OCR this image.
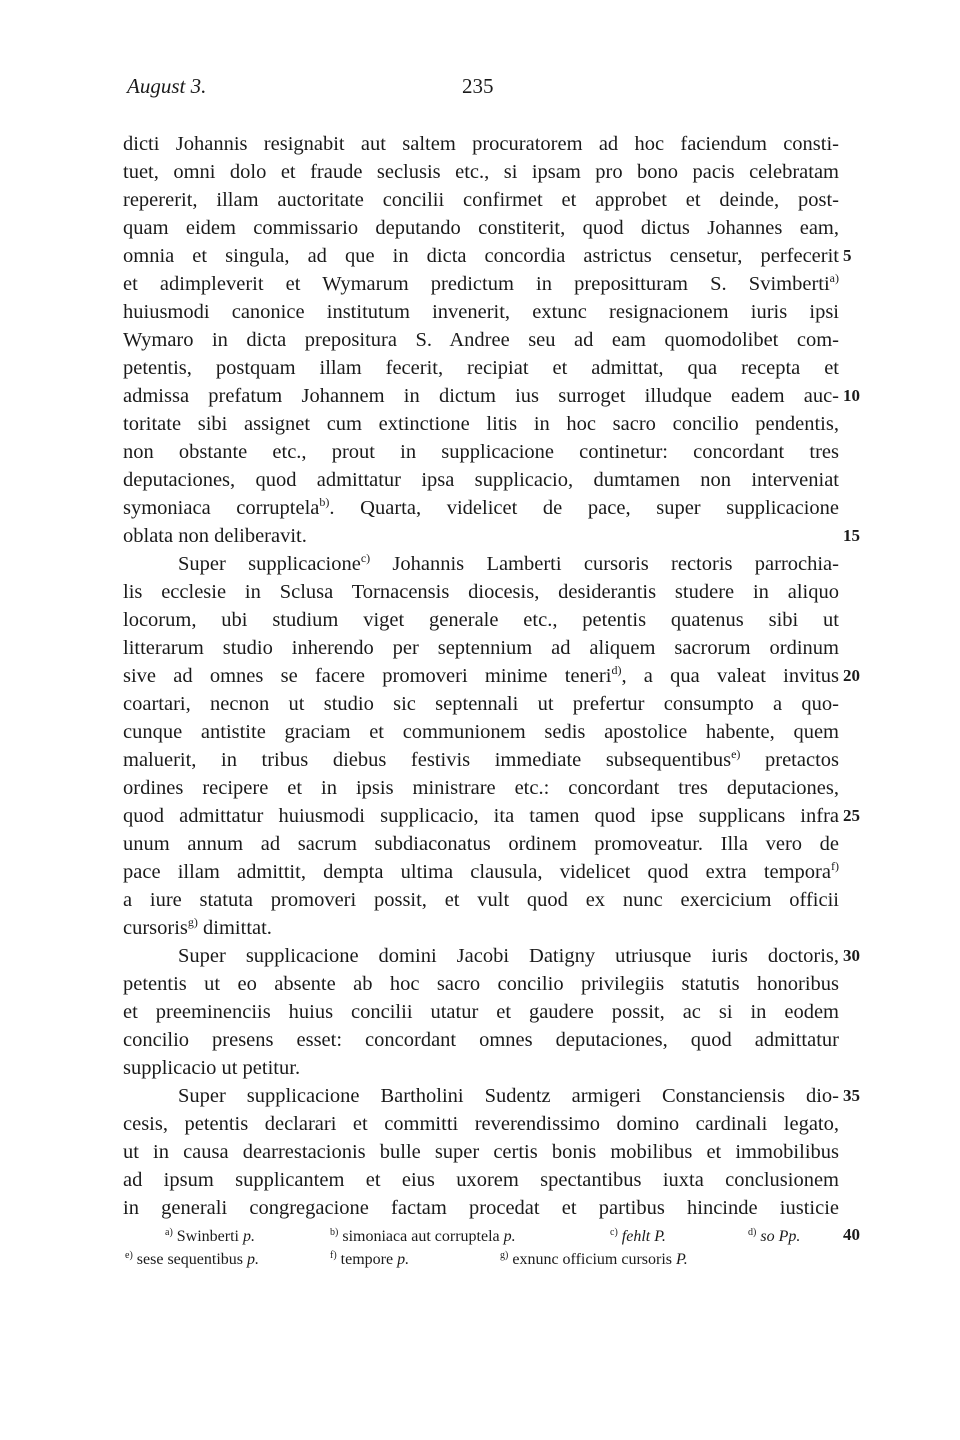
August 3.	235
dicti Johannis resignabit aut saltem procuratorem ad hoc faciendum consti-
tuet, omni dolo et fraude seclusis etc., si ipsam pro bono pacis celebratam
repererit, illam auctoritate concilii confirmet et approbet et deinde, post-
quam eidem commissario deputando constiterit, quod dictus Johannes eam,
omnia et singula, ad que in dicta concordia astrictus censetur, perfecerit
et adimpleverit et Wymarum predictum in prepositturam S. Svimberti$^{a)}$
huiusmodi canonice institutum invenerit, extunc resignacionem iuris ipsi
Wymaro in dicta prepositura S. Andree seu ad eam quomodolibet com-
petentis, postquam illam fecerit, recipiat et admittat, qua recepta et
admissa prefatum Johannem in dictum ius surroget illudque eadem auc-
toritate sibi assignet cum extinctione litis in hoc sacro concilio pendentis,
non obstante etc., prout in supplicacione continetur: concordant tres
deputaciones, quod admittatur ipsa supplicacio, dumtamen non interveniat
symoniaca corruptela$^{b)}$. Quarta, videlicet de pace, super supplicacione
oblata non deliberavit.
Super supplicacione$^{c)}$ Johannis Lamberti cursoris rectoris parrochia-
lis ecclesie in Sclusa Tornacensis diocesis, desiderantis studere in aliquo
locorum, ubi studium viget generale etc., petentis quatenus sibi ut
litterarum studio inherendo per septennium ad aliquem sacrorum ordinum
sive ad omnes se facere promoveri minime teneri$^{d)}$, a qua valeat invitus
coartari, necnon ut studio sic septennali ut prefertur consumpto a quo-
cunque antistite graciam et communionem sedis apostolice habente, quem
maluerit, in tribus diebus festivis immediate subsequentibus$^{e)}$ pretactos
ordines recipere et in ipsis ministrare etc.: concordant tres deputaciones,
quod admittatur huiusmodi supplicacio, ita tamen quod ipse supplicans infra
unum annum ad sacrum subdiaconatus ordinem promoveatur. Illa vero de
pace illam admittit, dempta ultima clausula, videlicet quod extra tempora$^{f)}$
a iure statuta promoveri possit, et vult quod ex nunc exercicium officii
cursoris$^{g)}$ dimittat.
Super supplicacione domini Jacobi Datigny utriusque iuris doctoris,
petentis ut eo absente ab hoc sacro concilio privilegiis statutis honoribus
et preeminenciis huius concilii utatur et gaudere possit, ac si in eodem
concilio presens esset: concordant omnes deputaciones, quod admittatur
supplicacio ut petitur.
Super supplicacione Bartholini Sudentz armigeri Constanciensis dio-
cesis, petentis declarari et committi reverendissimo domino cardinali legato,
ut in causa dearrestacionis bulle super certis bonis mobilibus et immobilibus
ad ipsum supplicantem et eius uxorem spectantibus iuxta conclusionem
in generali congregacione factam procedat et partibus hincinde iusticie
5
10
15
20
25
30
35
40
$^{a)}$ Swinberti p.	$^{b)}$ simoniaca aut corruptela p.	$^{c)}$ fehlt P.	$^{d)}$ so Pp.
$^{e)}$ sese sequentibus p.	$^{f)}$ tempore p.	$^{g)}$ exnunc officium cursoris P.
